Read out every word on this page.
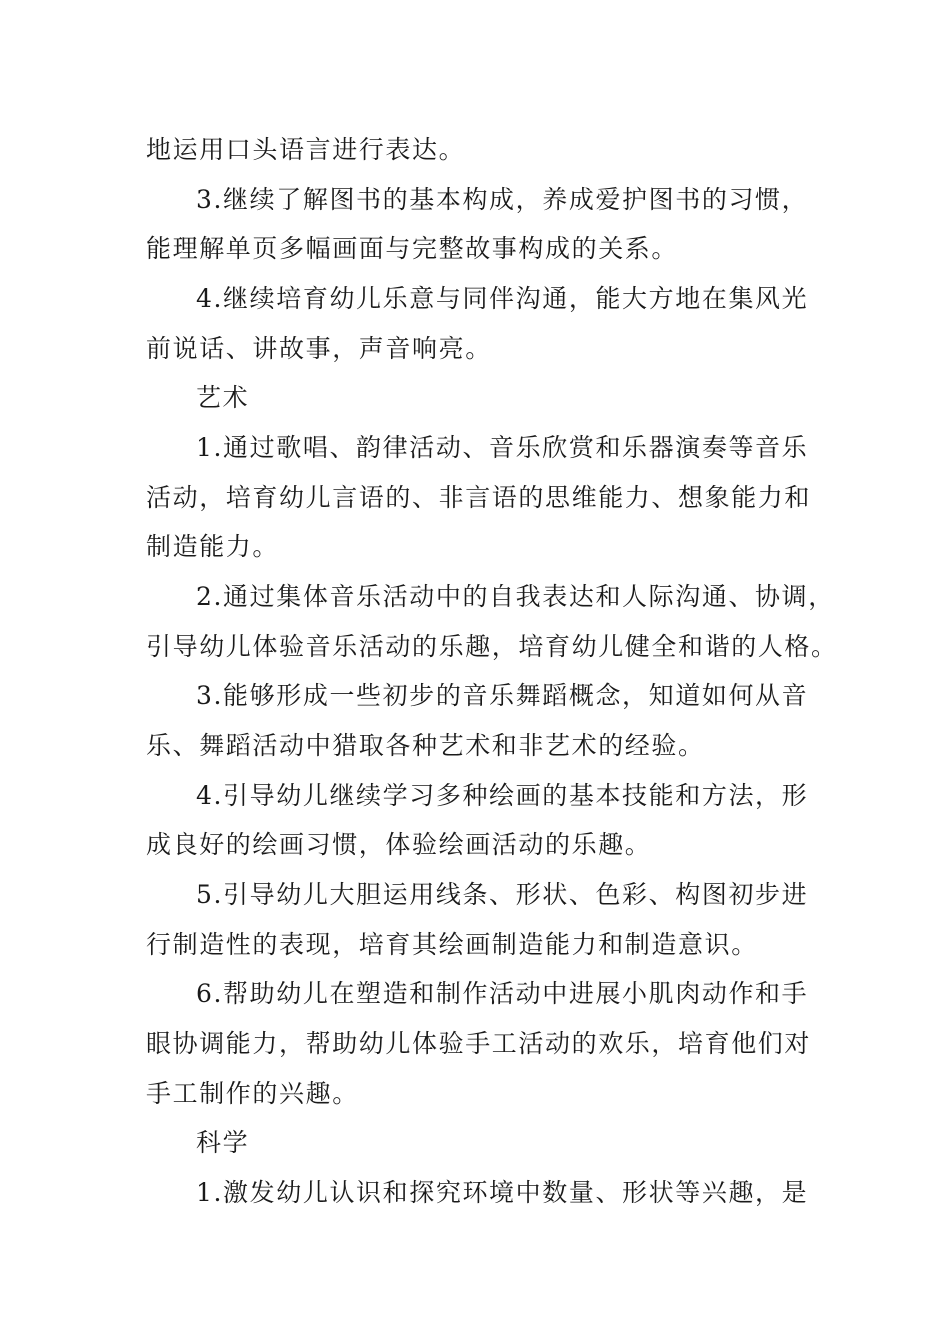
地运用口头语言进行表达。
3.继续了解图书的基本构成，养成爱护图书的习惯，
能理解单页多幅画面与完整故事构成的关系。
4.继续培育幼儿乐意与同伴沟通，能大方地在集风光
前说话、讲故事，声音响亮。
艺术
1.通过歌唱、韵律活动、音乐欣赏和乐器演奏等音乐
活动，培育幼儿言语的、非言语的思维能力、想象能力和
制造能力。
2.通过集体音乐活动中的自我表达和人际沟通、协调，
引导幼儿体验音乐活动的乐趣，培育幼儿健全和谐的人格。
3.能够形成一些初步的音乐舞蹈概念，知道如何从音
乐、舞蹈活动中猎取各种艺术和非艺术的经验。
4.引导幼儿继续学习多种绘画的基本技能和方法，形
成良好的绘画习惯，体验绘画活动的乐趣。
5.引导幼儿大胆运用线条、形状、色彩、构图初步进
行制造性的表现，培育其绘画制造能力和制造意识。
6.帮助幼儿在塑造和制作活动中进展小肌肉动作和手
眼协调能力，帮助幼儿体验手工活动的欢乐，培育他们对
手工制作的兴趣。
科学
1.激发幼儿认识和探究环境中数量、形状等兴趣，是
